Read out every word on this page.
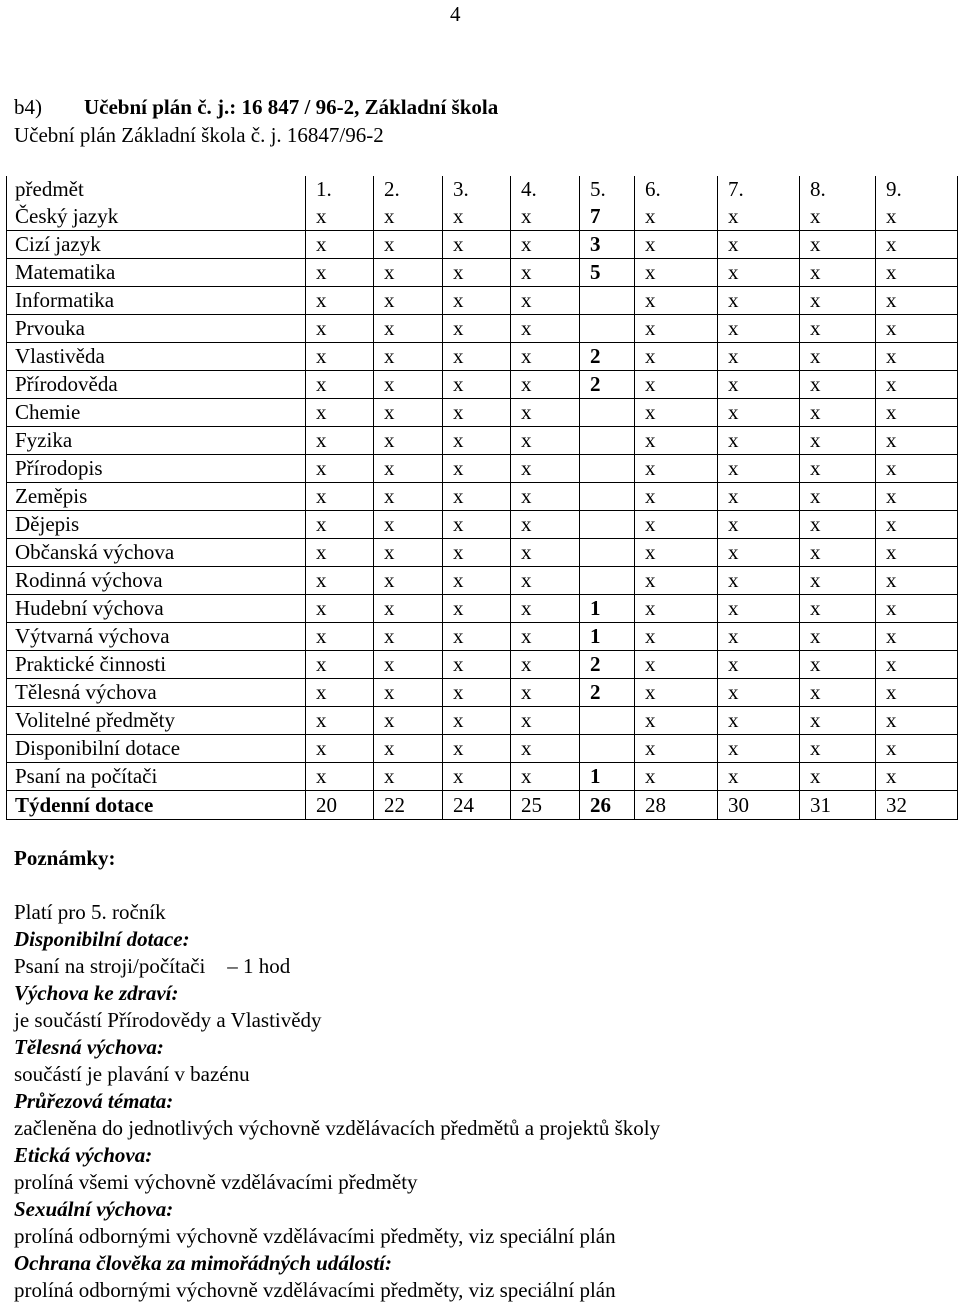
4
b4) Učební plán č. j.: 16 847 / 96-2, Základní škola
Učební plán Základní škola č. j. 16847/96-2
předmět	1.	2.	3.	4.	5.	6.	7.	8.	9.
Český jazyk	x	x	x	x	7	x	x	x	x
Cizí jazyk	x	x	x	x	3	x	x	x	x
Matematika	x	x	x	x	5	x	x	x	x
Informatika	x	x	x	x		x	x	x	x
Prvouka	x	x	x	x		x	x	x	x
Vlastivěda	x	x	x	x	2	x	x	x	x
Přírodověda	x	x	x	x	2	x	x	x	x
Chemie	x	x	x	x		x	x	x	x
Fyzika	x	x	x	x		x	x	x	x
Přírodopis	x	x	x	x		x	x	x	x
Zeměpis	x	x	x	x		x	x	x	x
Dějepis	x	x	x	x		x	x	x	x
Občanská výchova	x	x	x	x		x	x	x	x
Rodinná výchova	x	x	x	x		x	x	x	x
Hudební výchova	x	x	x	x	1	x	x	x	x
Výtvarná výchova	x	x	x	x	1	x	x	x	x
Praktické činnosti	x	x	x	x	2	x	x	x	x
Tělesná výchova	x	x	x	x	2	x	x	x	x
Volitelné předměty	x	x	x	x		x	x	x	x
Disponibilní dotace	x	x	x	x		x	x	x	x
Psaní na počítači	x	x	x	x	1	x	x	x	x
Týdenní dotace	20	22	24	25	26	28	30	31	32
Poznámky:
Platí pro 5. ročník
Disponibilní dotace:
Psaní na stroji/počítači – 1 hod
Výchova ke zdraví:
je součástí Přírodovědy a Vlastivědy
Tělesná výchova:
součástí je plavání v bazénu
Průřezová témata:
začleněna do jednotlivých výchovně vzdělávacích předmětů a projektů školy
Etická výchova:
prolíná všemi výchovně vzdělávacími předměty
Sexuální výchova:
prolíná odbornými výchovně vzdělávacími předměty, viz speciální plán
Ochrana člověka za mimořádných událostí:
prolíná odbornými výchovně vzdělávacími předměty, viz speciální plán
